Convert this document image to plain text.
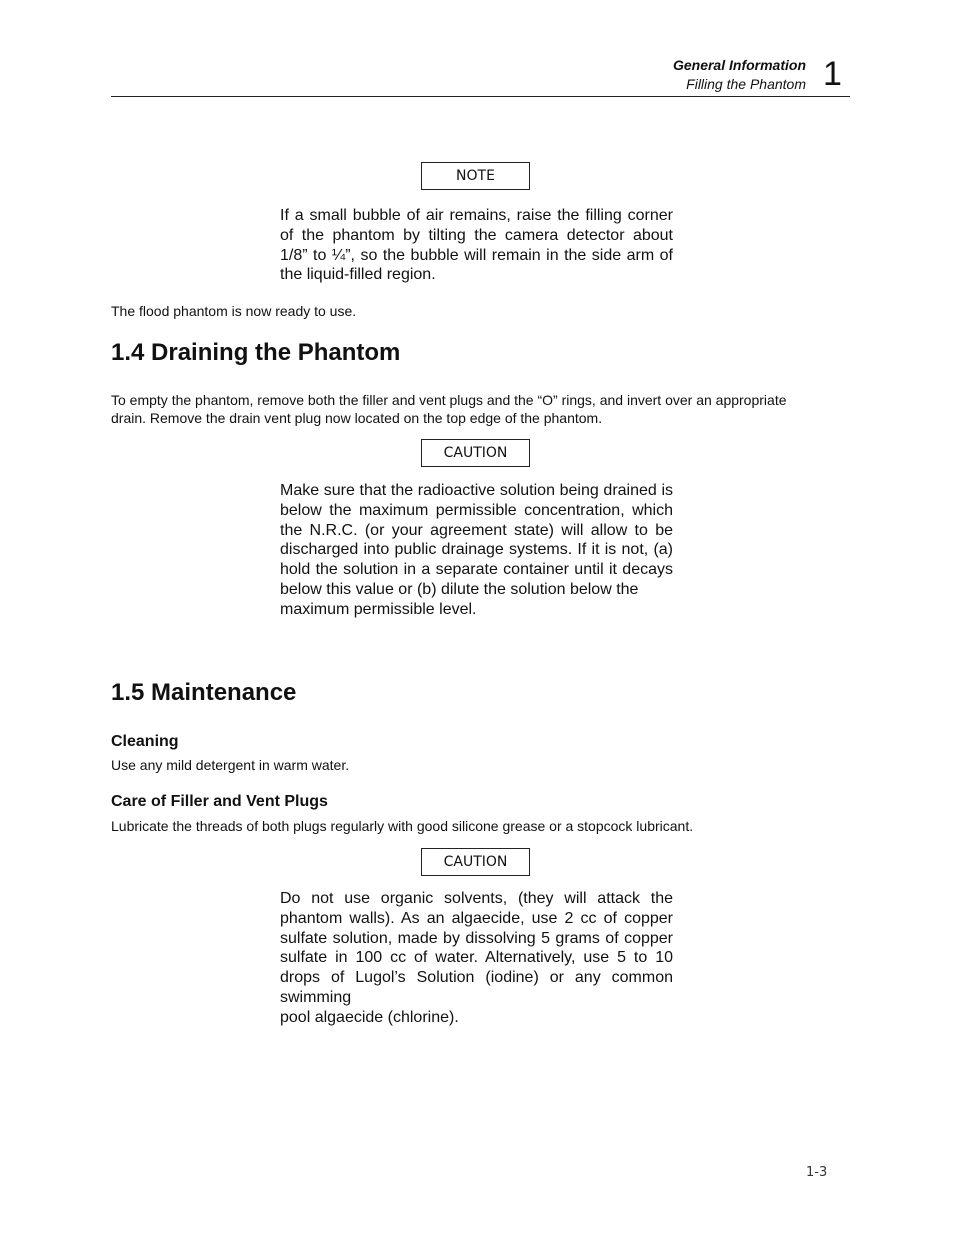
General Information
Filling the Phantom 1
NOTE

If a small bubble of air remains, raise the filling corner of the phantom by tilting the camera detector about 1/8” to ¼”, so the bubble will remain in the side arm of the liquid-filled region.

The flood phantom is now ready to use.

1.4 Draining the Phantom

To empty the phantom, remove both the filler and vent plugs and the “O” rings, and invert over an appropriate drain. Remove the drain vent plug now located on the top edge of the phantom.

CAUTION
Make sure that the radioactive solution being drained is below the maximum permissible concentration, which the N.R.C. (or your agreement state) will allow to be discharged into public drainage systems. If it is not, (a) hold the solution in a separate container until it decays below this value or (b) dilute the solution below the
maximum permissible level.
1.5 Maintenance
Cleaning

Use any mild detergent in warm water.

Care of Filler and Vent Plugs

Lubricate the threads of both plugs regularly with good silicone grease or a stopcock lubricant.

CAUTION
Do not use organic solvents, (they will attack the phantom walls). As an algaecide, use 2 cc of copper sulfate solution, made by dissolving 5 grams of copper sulfate in 100 cc of water. Alternatively, use 5 to 10 drops of Lugol’s Solution (iodine) or any common swimming
pool algaecide (chlorine).
1-3
